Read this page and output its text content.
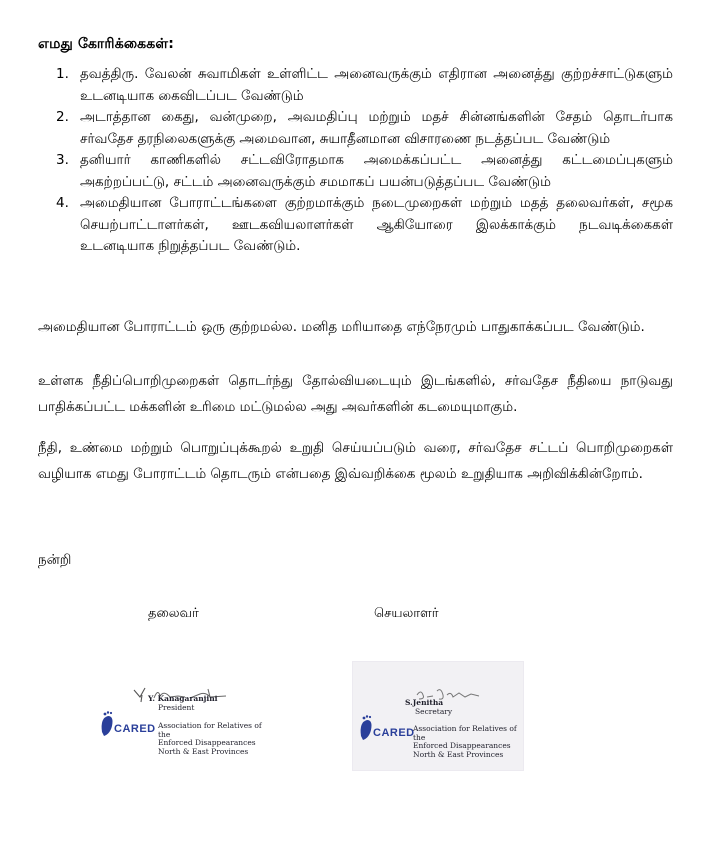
எமது கோரிக்கைகள்:
1. தவத்திரு. வேலன் சுவாமிகள் உள்ளிட்ட அனைவருக்கும் எதிரான அனைத்து குற்றச்சாட்டுகளும் உடனடியாக கைவிடப்பட வேண்டும்
2. அடாத்தான கைது, வன்முறை, அவமதிப்பு மற்றும் மதச் சின்னங்களின் சேதம் தொடர்பாக சர்வதேச தரநிலைகளுக்கு அமைவான, சுயாதீனமான விசாரணை நடத்தப்பட வேண்டும்
3. தனியார் காணிகளில் சட்டவிரோதமாக அமைக்கப்பட்ட அனைத்து கட்டமைப்புகளும் அகற்றப்பட்டு, சட்டம் அனைவருக்கும் சமமாகப் பயன்படுத்தப்பட வேண்டும்
4. அமைதியான போராட்டங்களை குற்றமாக்கும் நடைமுறைகள் மற்றும் மதத் தலைவர்கள், சமூக செயற்பாட்டாளர்கள், ஊடகவியலாளர்கள் ஆகியோரை இலக்காக்கும் நடவடிக்கைகள் உடனடியாக நிறுத்தப்பட வேண்டும்.

அமைதியான போராட்டம் ஒரு குற்றமல்ல. மனித மரியாதை எந்நேரமும் பாதுகாக்கப்பட வேண்டும்.

உள்ளக நீதிப்பொறிமுறைகள் தொடர்ந்து தோல்வியடையும் இடங்களில், சர்வதேச நீதியை நாடுவது பாதிக்கப்பட்ட மக்களின் உரிமை மட்டுமல்ல அது அவர்களின் கடமையுமாகும்.

நீதி, உண்மை மற்றும் பொறுப்புக்கூறல் உறுதி செய்யப்படும் வரை, சர்வதேச சட்டப் பொறிமுறைகள் வழியாக எமது போராட்டம் தொடரும் என்பதை இவ்வறிக்கை மூலம் உறுதியாக அறிவிக்கின்றோம்.

நன்றி
தலைவர்	செயலாளர்
Y. Kanagaranjini
President
CARED Association for Relatives of the
Enforced Disappearances
North & East Provinces
S.Jenitha
Secretary
CARED
Association for Relatives of the
Enforced Disappearances
North & East Provinces
